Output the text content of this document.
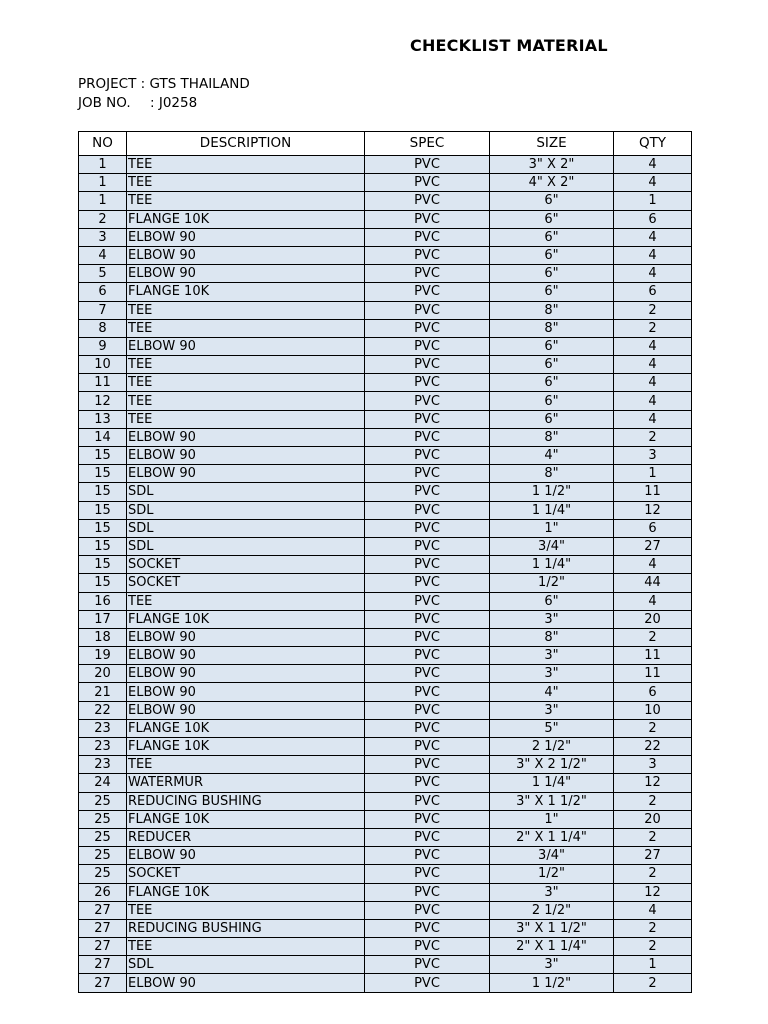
CHECKLIST MATERIAL
PROJECT : GTS THAILAND
JOB NO. : J0258
NO	DESCRIPTION	SPEC	SIZE	QTY
1	TEE	PVC	3" X 2"	4
1	TEE	PVC	4" X 2"	4
1	TEE	PVC	6"	1
2	FLANGE 10K	PVC	6"	6
3	ELBOW 90	PVC	6"	4
4	ELBOW 90	PVC	6"	4
5	ELBOW 90	PVC	6"	4
6	FLANGE 10K	PVC	6"	6
7	TEE	PVC	8"	2
8	TEE	PVC	8"	2
9	ELBOW 90	PVC	6"	4
10	TEE	PVC	6"	4
11	TEE	PVC	6"	4
12	TEE	PVC	6"	4
13	TEE	PVC	6"	4
14	ELBOW 90	PVC	8"	2
15	ELBOW 90	PVC	4"	3
15	ELBOW 90	PVC	8"	1
15	SDL	PVC	1 1/2"	11
15	SDL	PVC	1 1/4"	12
15	SDL	PVC	1"	6
15	SDL	PVC	3/4"	27
15	SOCKET	PVC	1 1/4"	4
15	SOCKET	PVC	1/2"	44
16	TEE	PVC	6"	4
17	FLANGE 10K	PVC	3"	20
18	ELBOW 90	PVC	8"	2
19	ELBOW 90	PVC	3"	11
20	ELBOW 90	PVC	3"	11
21	ELBOW 90	PVC	4"	6
22	ELBOW 90	PVC	3"	10
23	FLANGE 10K	PVC	5"	2
23	FLANGE 10K	PVC	2 1/2"	22
23	TEE	PVC	3" X 2 1/2"	3
24	WATERMUR	PVC	1 1/4"	12
25	REDUCING BUSHING	PVC	3" X 1 1/2"	2
25	FLANGE 10K	PVC	1"	20
25	REDUCER	PVC	2" X 1 1/4"	2
25	ELBOW 90	PVC	3/4"	27
25	SOCKET	PVC	1/2"	2
26	FLANGE 10K	PVC	3"	12
27	TEE	PVC	2 1/2"	4
27	REDUCING BUSHING	PVC	3" X 1 1/2"	2
27	TEE	PVC	2" X 1 1/4"	2
27	SDL	PVC	3"	1
27	ELBOW 90	PVC	1 1/2"	2
